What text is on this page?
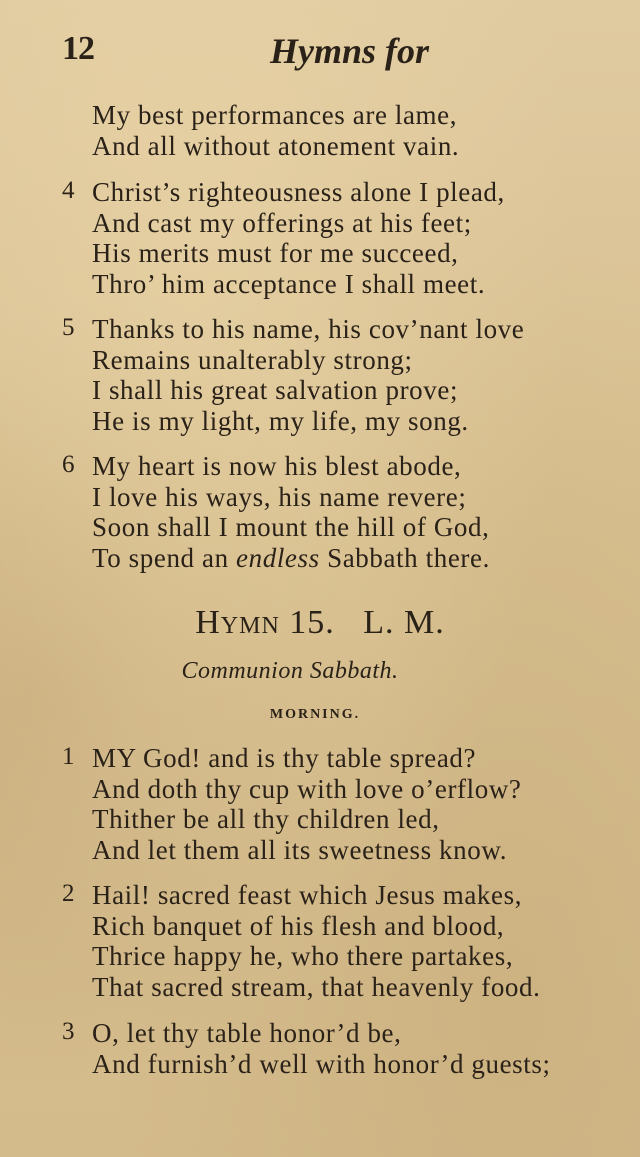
12	Hymns for
My best performances are lame,
And all without atonement vain.
4 Christ’s righteousness alone I plead,
And cast my offerings at his feet;
His merits must for me succeed,
Thro’ him acceptance I shall meet.
5 Thanks to his name, his cov’nant love
Remains unalterably strong;
I shall his great salvation prove;
He is my light, my life, my song.
6 My heart is now his blest abode,
I love his ways, his name revere;
Soon shall I mount the hill of God,
To spend an endless Sabbath there.
Hymn 15.   L. M.
Communion Sabbath.
MORNING.
1 MY God! and is thy table spread?
And doth thy cup with love o’erflow?
Thither be all thy children led,
And let them all its sweetness know.
2 Hail! sacred feast which Jesus makes,
Rich banquet of his flesh and blood,
Thrice happy he, who there partakes,
That sacred stream, that heavenly food.
3 O, let thy table honor’d be,
And furnish’d well with honor’d guests;
